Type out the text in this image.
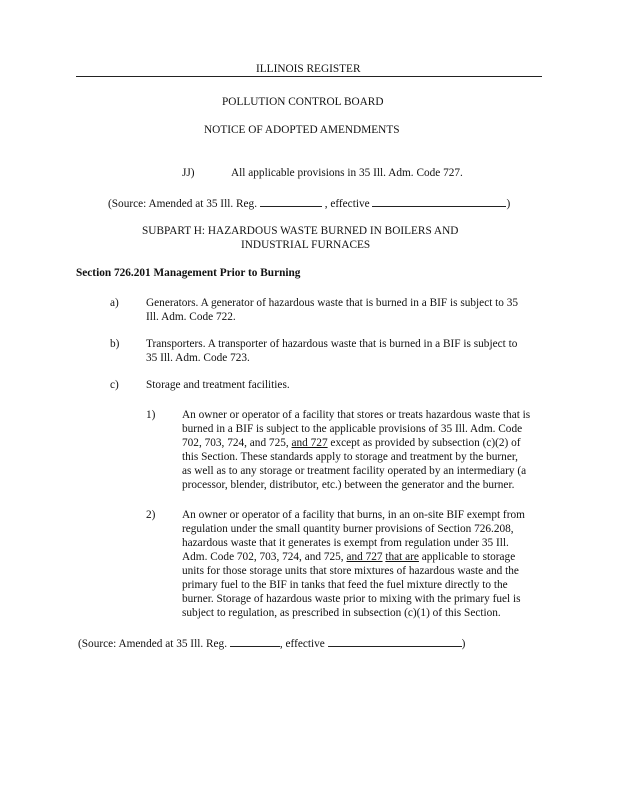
ILLINOIS REGISTER
POLLUTION CONTROL BOARD
NOTICE OF ADOPTED AMENDMENTS
JJ)	All applicable provisions in 35 Ill. Adm. Code 727.
(Source: Amended at 35 Ill. Reg.	, effective	)
SUBPART H: HAZARDOUS WASTE BURNED IN BOILERS AND
INDUSTRIAL FURNACES
Section 726.201 Management Prior to Burning
a) Generators. A generator of hazardous waste that is burned in a BIF is subject to 35
Ill. Adm. Code 722.
b) Transporters. A transporter of hazardous waste that is burned in a BIF is subject to
35 Ill. Adm. Code 723.
c) Storage and treatment facilities.
1) An owner or operator of a facility that stores or treats hazardous waste that is
burned in a BIF is subject to the applicable provisions of 35 Ill. Adm. Code
702, 703, 724, and 725, and 727 except as provided by subsection (c)(2) of
this Section. These standards apply to storage and treatment by the burner,
as well as to any storage or treatment facility operated by an intermediary (a
processor, blender, distributor, etc.) between the generator and the burner.
2) An owner or operator of a facility that burns, in an on-site BIF exempt from
regulation under the small quantity burner provisions of Section 726.208,
hazardous waste that it generates is exempt from regulation under 35 Ill.
Adm. Code 702, 703, 724, and 725, and 727 that are applicable to storage
units for those storage units that store mixtures of hazardous waste and the
primary fuel to the BIF in tanks that feed the fuel mixture directly to the
burner. Storage of hazardous waste prior to mixing with the primary fuel is
subject to regulation, as prescribed in subsection (c)(1) of this Section.
(Source: Amended at 35 Ill. Reg.	, effective	)
